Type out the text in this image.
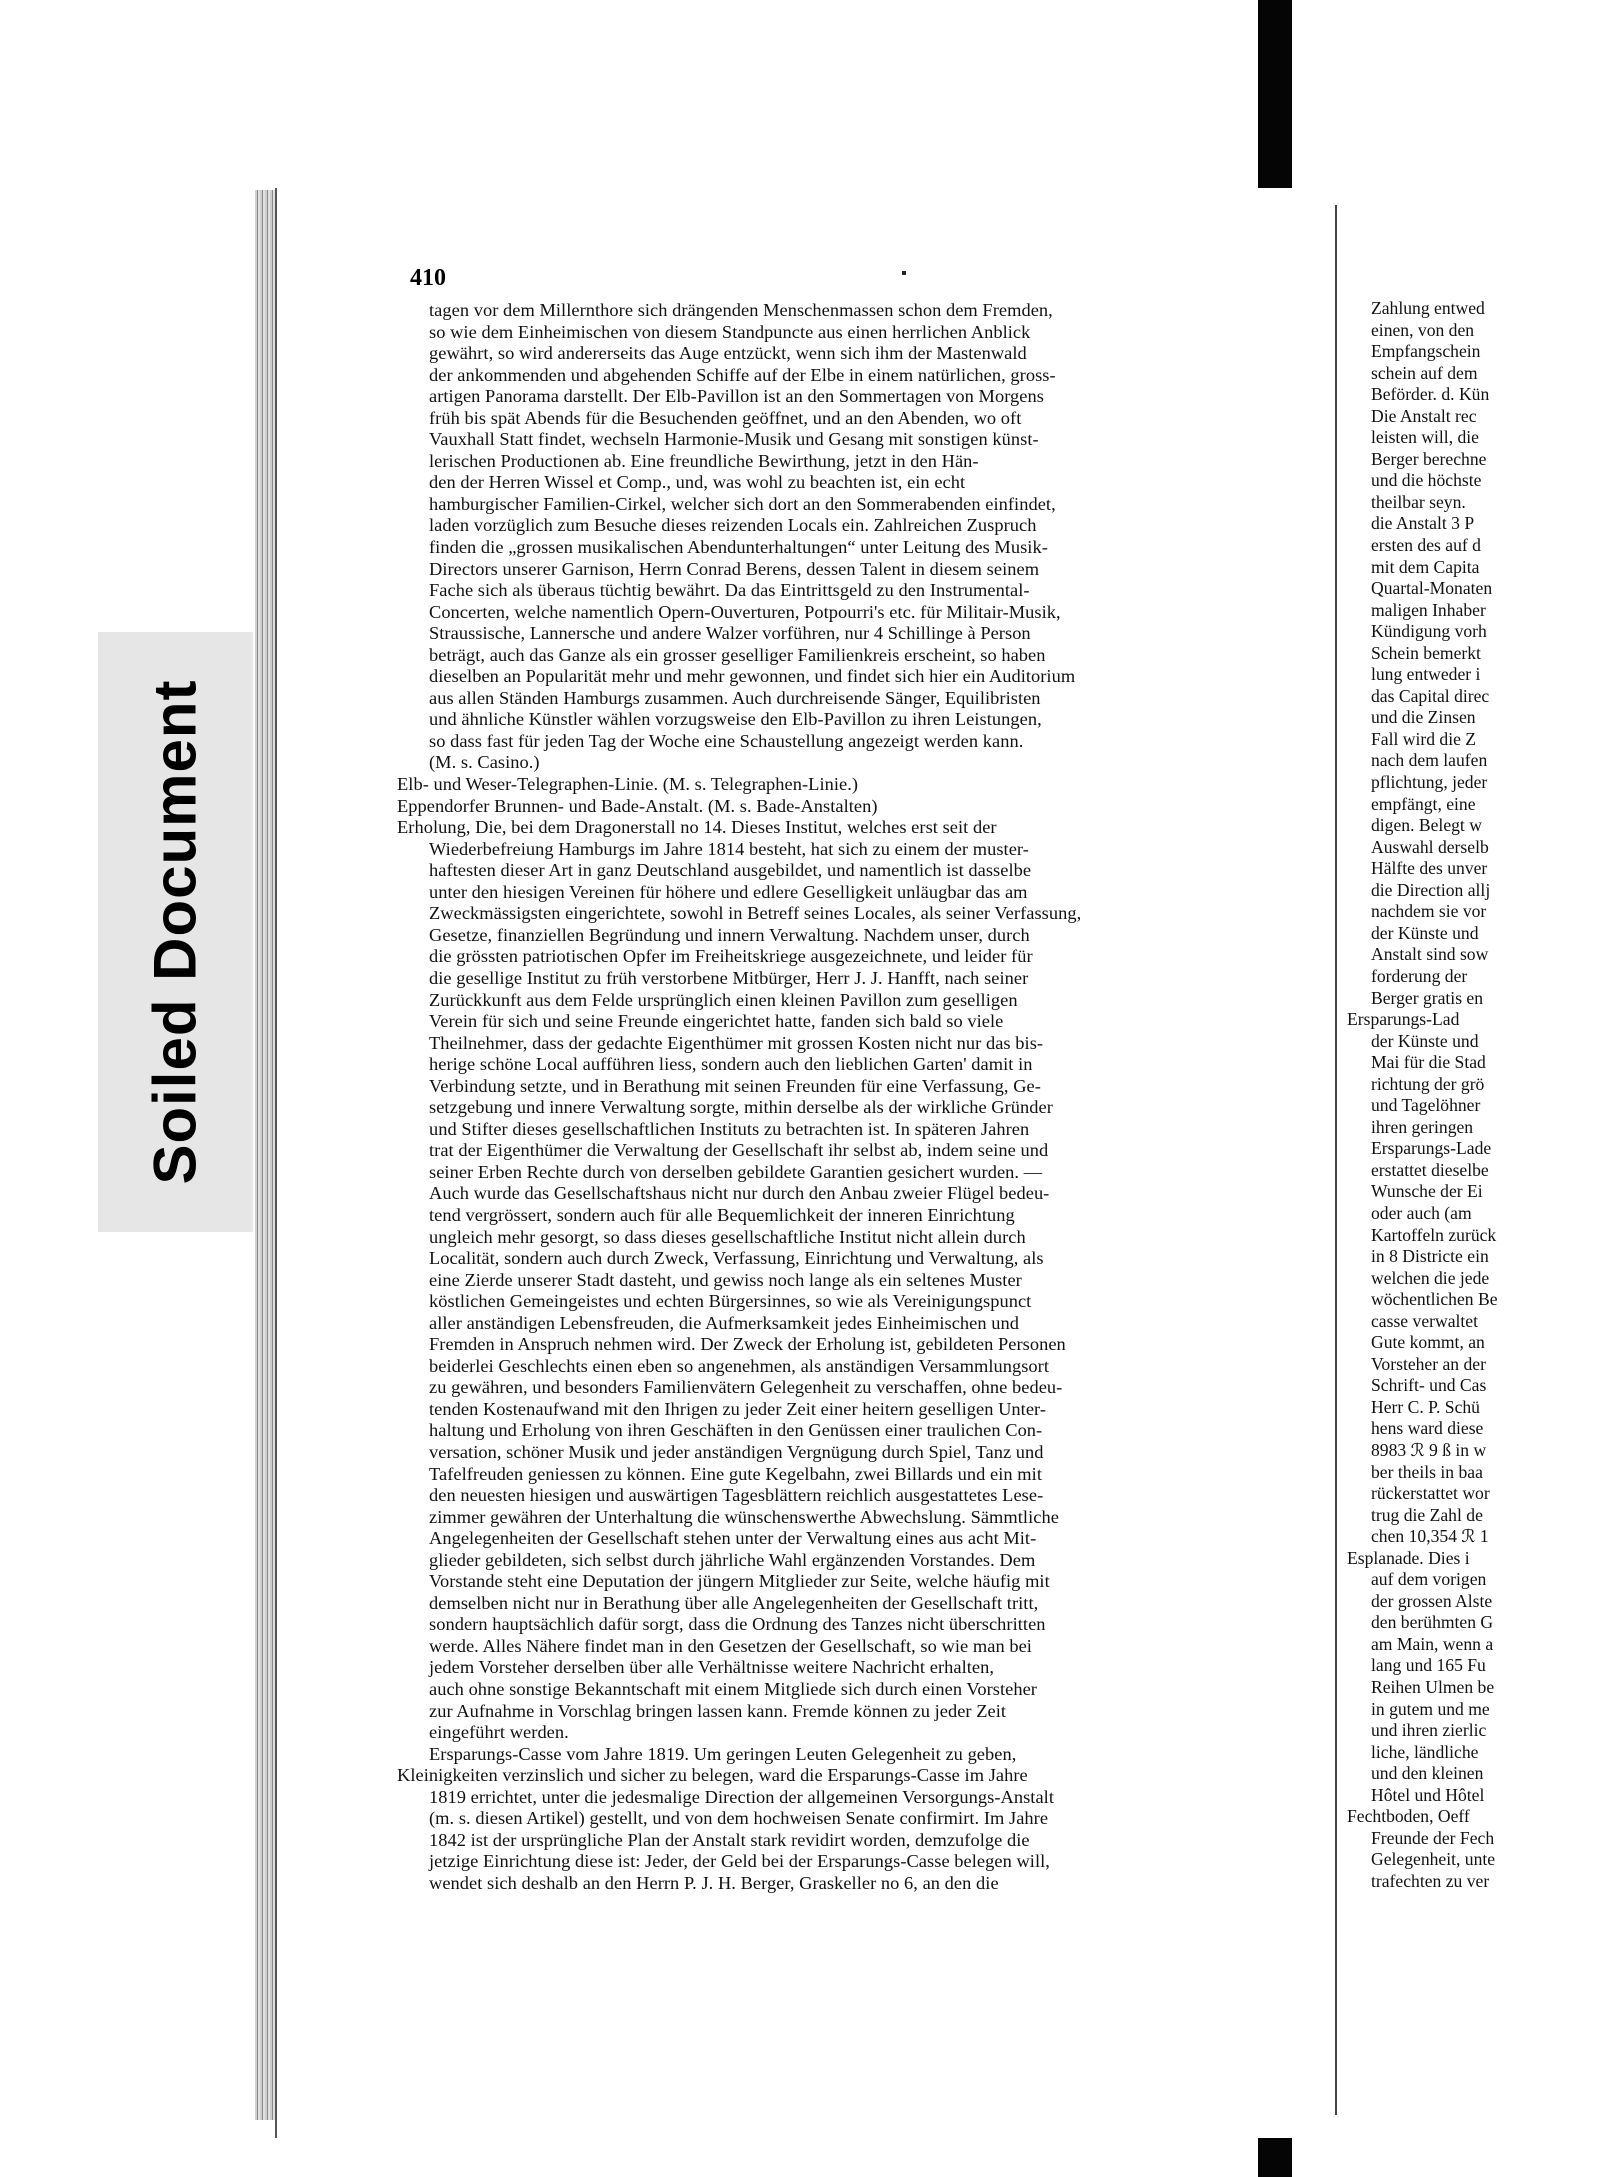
Soiled Document
410
tagen vor dem Millernthore sich drängenden Menschenmassen schon dem Fremden,
so wie dem Einheimischen von diesem Standpuncte aus einen herrlichen Anblick
gewährt, so wird andererseits das Auge entzückt, wenn sich ihm der Mastenwald
der ankommenden und abgehenden Schiffe auf der Elbe in einem natürlichen, gross-
artigen Panorama darstellt. Der Elb-Pavillon ist an den Sommertagen von Morgens
früh bis spät Abends für die Besuchenden geöffnet, und an den Abenden, wo oft
Vauxhall Statt findet, wechseln Harmonie-Musik und Gesang mit sonstigen künst-
lerischen Productionen ab. Eine freundliche Bewirthung, jetzt in den Hän-
den der Herren Wissel et Comp., und, was wohl zu beachten ist, ein echt
hamburgischer Familien-Cirkel, welcher sich dort an den Sommerabenden einfindet,
laden vorzüglich zum Besuche dieses reizenden Locals ein. Zahlreichen Zuspruch
finden die „grossen musikalischen Abendunterhaltungen“ unter Leitung des Musik-
Directors unserer Garnison, Herrn Conrad Berens, dessen Talent in diesem seinem
Fache sich als überaus tüchtig bewährt. Da das Eintrittsgeld zu den Instrumental-
Concerten, welche namentlich Opern-Ouverturen, Potpourri's etc. für Militair-Musik,
Straussische, Lannersche und andere Walzer vorführen, nur 4 Schillinge à Person
beträgt, auch das Ganze als ein grosser geselliger Familienkreis erscheint, so haben
dieselben an Popularität mehr und mehr gewonnen, und findet sich hier ein Auditorium
aus allen Ständen Hamburgs zusammen. Auch durchreisende Sänger, Equilibristen
und ähnliche Künstler wählen vorzugsweise den Elb-Pavillon zu ihren Leistungen,
so dass fast für jeden Tag der Woche eine Schaustellung angezeigt werden kann.
(M. s. Casino.)
Elb- und Weser-Telegraphen-Linie. (M. s. Telegraphen-Linie.)
Eppendorfer Brunnen- und Bade-Anstalt. (M. s. Bade-Anstalten)
Erholung, Die, bei dem Dragonerstall no 14. Dieses Institut, welches erst seit der
Wiederbefreiung Hamburgs im Jahre 1814 besteht, hat sich zu einem der muster-
haftesten dieser Art in ganz Deutschland ausgebildet, und namentlich ist dasselbe
unter den hiesigen Vereinen für höhere und edlere Geselligkeit unläugbar das am
Zweckmässigsten eingerichtete, sowohl in Betreff seines Locales, als seiner Verfassung,
Gesetze, finanziellen Begründung und innern Verwaltung. Nachdem unser, durch
die grössten patriotischen Opfer im Freiheitskriege ausgezeichnete, und leider für
die gesellige Institut zu früh verstorbene Mitbürger, Herr J. J. Hanfft, nach seiner
Zurückkunft aus dem Felde ursprünglich einen kleinen Pavillon zum geselligen
Verein für sich und seine Freunde eingerichtet hatte, fanden sich bald so viele
Theilnehmer, dass der gedachte Eigenthümer mit grossen Kosten nicht nur das bis-
herige schöne Local aufführen liess, sondern auch den lieblichen Garten' damit in
Verbindung setzte, und in Berathung mit seinen Freunden für eine Verfassung, Ge-
setzgebung und innere Verwaltung sorgte, mithin derselbe als der wirkliche Gründer
und Stifter dieses gesellschaftlichen Instituts zu betrachten ist. In späteren Jahren
trat der Eigenthümer die Verwaltung der Gesellschaft ihr selbst ab, indem seine und
seiner Erben Rechte durch von derselben gebildete Garantien gesichert wurden. —
Auch wurde das Gesellschaftshaus nicht nur durch den Anbau zweier Flügel bedeu-
tend vergrössert, sondern auch für alle Bequemlichkeit der inneren Einrichtung
ungleich mehr gesorgt, so dass dieses gesellschaftliche Institut nicht allein durch
Localität, sondern auch durch Zweck, Verfassung, Einrichtung und Verwaltung, als
eine Zierde unserer Stadt dasteht, und gewiss noch lange als ein seltenes Muster
köstlichen Gemeingeistes und echten Bürgersinnes, so wie als Vereinigungspunct
aller anständigen Lebensfreuden, die Aufmerksamkeit jedes Einheimischen und
Fremden in Anspruch nehmen wird. Der Zweck der Erholung ist, gebildeten Personen
beiderlei Geschlechts einen eben so angenehmen, als anständigen Versammlungsort
zu gewähren, und besonders Familienvätern Gelegenheit zu verschaffen, ohne bedeu-
tenden Kostenaufwand mit den Ihrigen zu jeder Zeit einer heitern geselligen Unter-
haltung und Erholung von ihren Geschäften in den Genüssen einer traulichen Con-
versation, schöner Musik und jeder anständigen Vergnügung durch Spiel, Tanz und
Tafelfreuden geniessen zu können. Eine gute Kegelbahn, zwei Billards und ein mit
den neuesten hiesigen und auswärtigen Tagesblättern reichlich ausgestattetes Lese-
zimmer gewähren der Unterhaltung die wünschenswerthe Abwechslung. Sämmtliche
Angelegenheiten der Gesellschaft stehen unter der Verwaltung eines aus acht Mit-
glieder gebildeten, sich selbst durch jährliche Wahl ergänzenden Vorstandes. Dem
Vorstande steht eine Deputation der jüngern Mitglieder zur Seite, welche häufig mit
demselben nicht nur in Berathung über alle Angelegenheiten der Gesellschaft tritt,
sondern hauptsächlich dafür sorgt, dass die Ordnung des Tanzes nicht überschritten
werde. Alles Nähere findet man in den Gesetzen der Gesellschaft, so wie man bei
jedem Vorsteher derselben über alle Verhältnisse weitere Nachricht erhalten,
auch ohne sonstige Bekanntschaft mit einem Mitgliede sich durch einen Vorsteher
zur Aufnahme in Vorschlag bringen lassen kann. Fremde können zu jeder Zeit
eingeführt werden.
Ersparungs-Casse vom Jahre 1819. Um geringen Leuten Gelegenheit zu geben,
Kleinigkeiten verzinslich und sicher zu belegen, ward die Ersparungs-Casse im Jahre
1819 errichtet, unter die jedesmalige Direction der allgemeinen Versorgungs-Anstalt
(m. s. diesen Artikel) gestellt, und von dem hochweisen Senate confirmirt. Im Jahre
1842 ist der ursprüngliche Plan der Anstalt stark revidirt worden, demzufolge die
jetzige Einrichtung diese ist: Jeder, der Geld bei der Ersparungs-Casse belegen will,
wendet sich deshalb an den Herrn P. J. H. Berger, Graskeller no 6, an den die
Zahlung entwed
einen, von den
Empfangschein
schein auf dem
Beförder. d. Kün
Die Anstalt rec
leisten will, die
Berger berechne
und die höchste
theilbar seyn.
die Anstalt 3 P
ersten des auf d
mit dem Capita
Quartal-Monaten
maligen Inhaber
Kündigung vorh
Schein bemerkt
lung entweder i
das Capital direc
und die Zinsen
Fall wird die Z
nach dem laufen
pflichtung, jeder
empfängt, eine
digen. Belegt w
Auswahl derselb
Hälfte des unver
die Direction allj
nachdem sie vor
der Künste und
Anstalt sind sow
forderung der
Berger gratis en
Ersparungs-Lad
der Künste und
Mai für die Stad
richtung der grö
und Tagelöhner
ihren geringen
Ersparungs-Lade
erstattet dieselbe
Wunsche der Ei
oder auch (am
Kartoffeln zurück
in 8 Districte ein
welchen die jede
wöchentlichen Be
casse verwaltet
Gute kommt, an
Vorsteher an der
Schrift- und Cas
Herr C. P. Schü
hens ward diese
8983 ℛ 9 ß in w
ber theils in baa
rückerstattet wor
trug die Zahl de
chen 10,354 ℛ 1
Esplanade. Dies i
auf dem vorigen
der grossen Alste
den berühmten G
am Main, wenn a
lang und 165 Fu
Reihen Ulmen be
in gutem und me
und ihren zierlic
liche, ländliche
und den kleinen
Hôtel und Hôtel
Fechtboden, Oeff
Freunde der Fech
Gelegenheit, unte
trafechten zu ver
